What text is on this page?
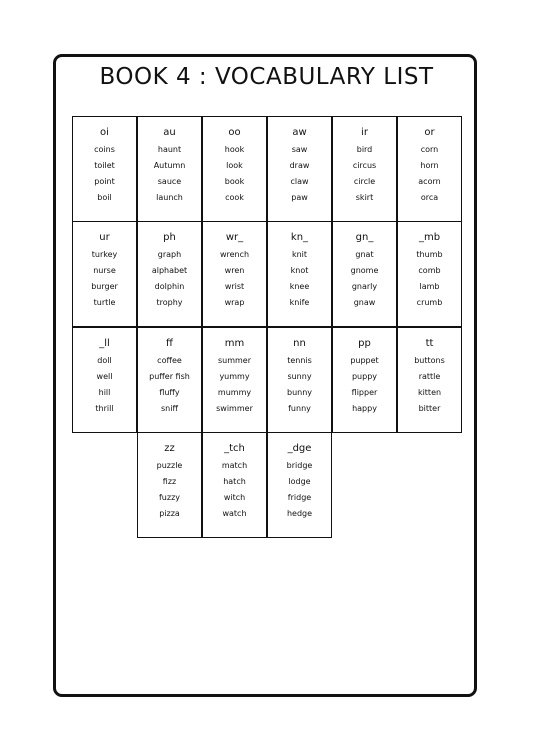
BOOK 4 : VOCABULARY LIST
oi
coins
toilet
point
boil
au
haunt
Autumn
sauce
launch
oo
hook
look
book
cook
aw
saw
draw
claw
paw
ir
bird
circus
circle
skirt
or
corn
horn
acorn
orca
ur
turkey
nurse
burger
turtle
ph
graph
alphabet
dolphin
trophy
wr_
wrench
wren
wrist
wrap
kn_
knit
knot
knee
knife
gn_
gnat
gnome
gnarly
gnaw
_mb
thumb
comb
lamb
crumb
_ll
doll
well
hill
thrill
ff
coffee
puffer fish
fluffy
sniff
mm
summer
yummy
mummy
swimmer
nn
tennis
sunny
bunny
funny
pp
puppet
puppy
flipper
happy
tt
buttons
rattle
kitten
bitter
zz
puzzle
fizz
fuzzy
pizza
_tch
match
hatch
witch
watch
_dge
bridge
lodge
fridge
hedge
